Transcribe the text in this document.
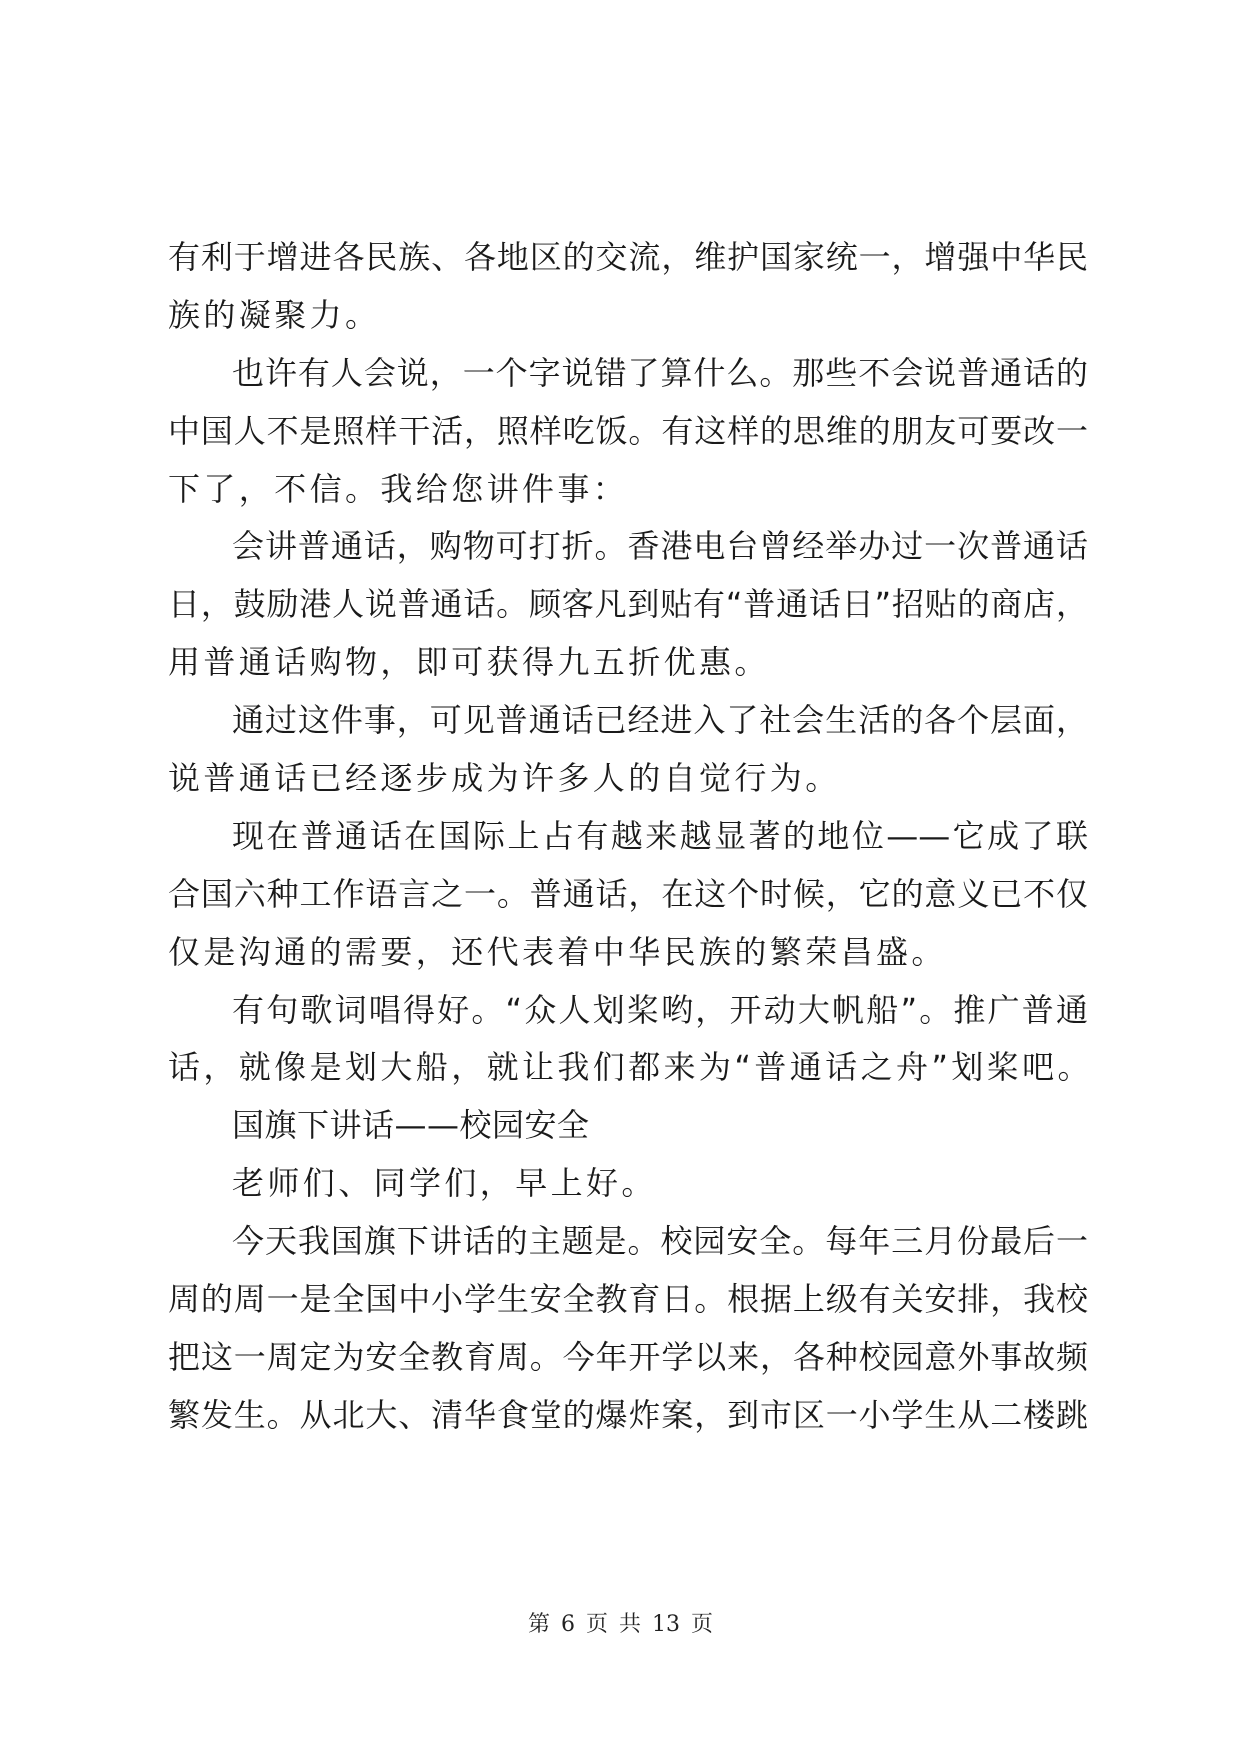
有利于增进各民族、各地区的交流，维护国家统一，增强中华民
族的凝聚力。
也许有人会说，一个字说错了算什么。那些不会说普通话的
中国人不是照样干活，照样吃饭。有这样的思维的朋友可要改一
下了，不信。我给您讲件事：
会讲普通话，购物可打折。香港电台曾经举办过一次普通话
日，鼓励港人说普通话。顾客凡到贴有“普通话日”招贴的商店，
用普通话购物，即可获得九五折优惠。
通过这件事，可见普通话已经进入了社会生活的各个层面，
说普通话已经逐步成为许多人的自觉行为。
现在普通话在国际上占有越来越显著的地位——它成了联
合国六种工作语言之一。普通话，在这个时候，它的意义已不仅
仅是沟通的需要，还代表着中华民族的繁荣昌盛。
有句歌词唱得好。“众人划桨哟，开动大帆船”。推广普通
话，就像是划大船，就让我们都来为“普通话之舟”划桨吧。
国旗下讲话——校园安全
老师们、同学们，早上好。
今天我国旗下讲话的主题是。校园安全。每年三月份最后一
周的周一是全国中小学生安全教育日。根据上级有关安排，我校
把这一周定为安全教育周。今年开学以来，各种校园意外事故频
繁发生。从北大、清华食堂的爆炸案，到市区一小学生从二楼跳
第 6 页 共 13 页
